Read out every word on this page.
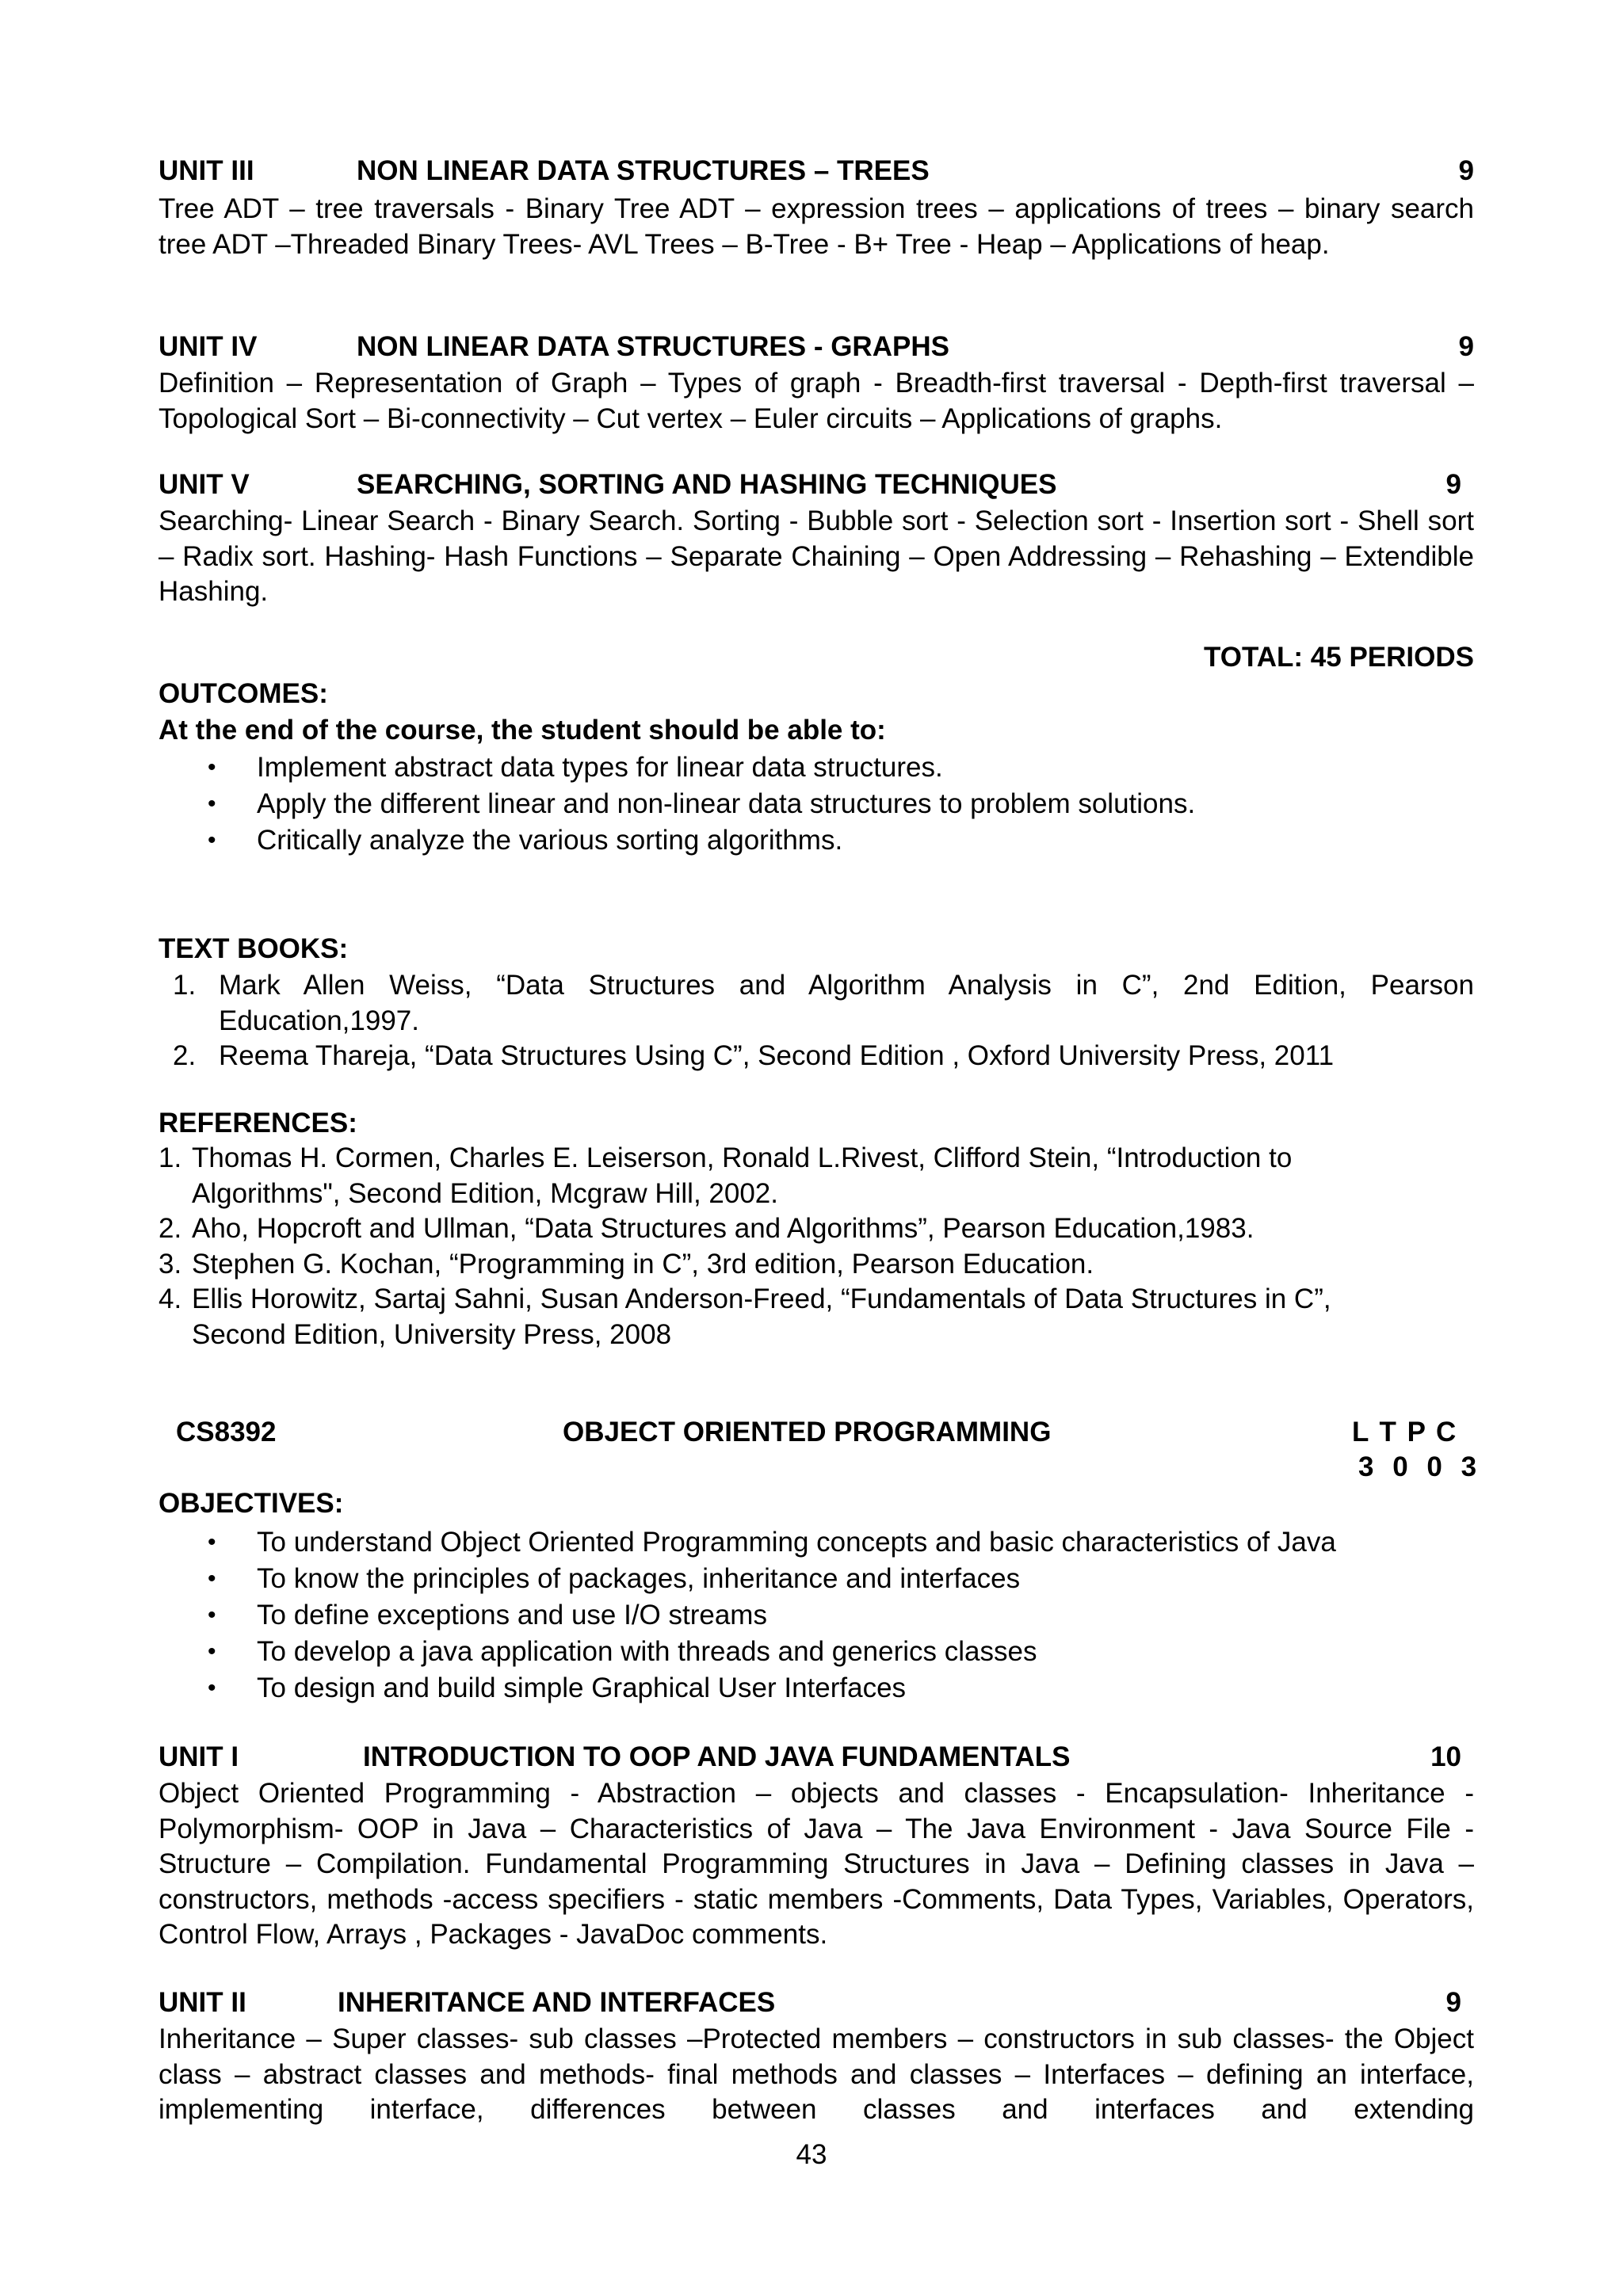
UNIT III	NON LINEAR DATA STRUCTURES – TREES	9
Tree ADT – tree traversals - Binary Tree ADT – expression trees – applications of trees – binary search tree ADT –Threaded Binary Trees- AVL Trees – B-Tree - B+ Tree - Heap – Applications of heap.
UNIT IV	NON LINEAR DATA STRUCTURES - GRAPHS	9
Definition – Representation of Graph – Types of graph - Breadth-first traversal - Depth-first traversal – Topological Sort – Bi-connectivity – Cut vertex – Euler circuits – Applications of graphs.
UNIT V	SEARCHING, SORTING AND HASHING TECHNIQUES	9
Searching- Linear Search - Binary Search. Sorting - Bubble sort - Selection sort - Insertion sort - Shell sort – Radix sort. Hashing- Hash Functions – Separate Chaining – Open Addressing – Rehashing – Extendible Hashing.
TOTAL: 45 PERIODS
OUTCOMES:
At the end of the course, the student should be able to:
• Implement abstract data types for linear data structures.
• Apply the different linear and non-linear data structures to problem solutions.
• Critically analyze the various sorting algorithms.
TEXT BOOKS:
1. Mark Allen Weiss, “Data Structures and Algorithm Analysis in C”, 2nd Edition, Pearson
Education,1997.
2. Reema Thareja, “Data Structures Using C”, Second Edition , Oxford University Press, 2011
REFERENCES:
1. Thomas H. Cormen, Charles E. Leiserson, Ronald L.Rivest, Clifford Stein, “Introduction to
Algorithms", Second Edition, Mcgraw Hill, 2002.
2. Aho, Hopcroft and Ullman, “Data Structures and Algorithms”, Pearson Education,1983.
3. Stephen G. Kochan, “Programming in C”, 3rd edition, Pearson Education.
4. Ellis Horowitz, Sartaj Sahni, Susan Anderson-Freed, “Fundamentals of Data Structures in C”,
Second Edition, University Press, 2008
CS8392	OBJECT ORIENTED PROGRAMMING	L T P C
3 0 0 3
OBJECTIVES:
• To understand Object Oriented Programming concepts and basic characteristics of Java
• To know the principles of packages, inheritance and interfaces
• To define exceptions and use I/O streams
• To develop a java application with threads and generics classes
• To design and build simple Graphical User Interfaces
UNIT I	INTRODUCTION TO OOP AND JAVA FUNDAMENTALS	10
Object Oriented Programming - Abstraction – objects and classes - Encapsulation- Inheritance - Polymorphism- OOP in Java – Characteristics of Java – The Java Environment - Java Source File -Structure – Compilation. Fundamental Programming Structures in Java – Defining classes in Java – constructors, methods -access specifiers - static members -Comments, Data Types, Variables, Operators, Control Flow, Arrays , Packages - JavaDoc comments.
UNIT II	INHERITANCE AND INTERFACES	9
Inheritance – Super classes- sub classes –Protected members – constructors in sub classes- the Object class – abstract classes and methods- final methods and classes – Interfaces – defining an interface, implementing interface, differences between classes and interfaces and extending
43
